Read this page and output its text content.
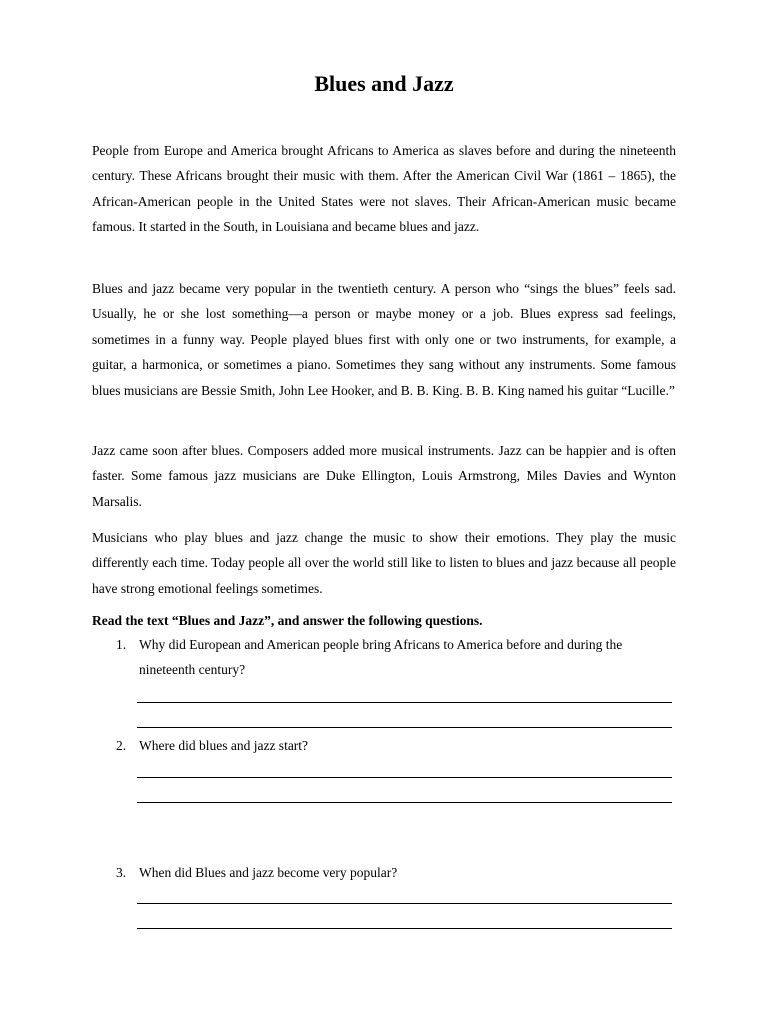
Blues and Jazz

People from Europe and America brought Africans to America as slaves before and during the nineteenth century. These Africans brought their music with them. After the American Civil War (1861 – 1865), the African-American people in the United States were not slaves. Their African-American music became famous. It started in the South, in Louisiana and became blues and jazz.

Blues and jazz became very popular in the twentieth century. A person who “sings the blues” feels sad. Usually, he or she lost something—a person or maybe money or a job. Blues express sad feelings, sometimes in a funny way. People played blues first with only one or two instruments, for example, a guitar, a harmonica, or sometimes a piano. Sometimes they sang without any instruments. Some famous blues musicians are Bessie Smith, John Lee Hooker, and B. B. King. B. B. King named his guitar “Lucille.”

Jazz came soon after blues. Composers added more musical instruments. Jazz can be happier and is often faster. Some famous jazz musicians are Duke Ellington, Louis Armstrong, Miles Davies and Wynton Marsalis.

Musicians who play blues and jazz change the music to show their emotions. They play the music differently each time. Today people all over the world still like to listen to blues and jazz because all people have strong emotional feelings sometimes.

Read the text “Blues and Jazz”, and answer the following questions.
1. Why did European and American people bring Africans to America before and during the nineteenth century?
2. Where did blues and jazz start?
3. When did Blues and jazz become very popular?
